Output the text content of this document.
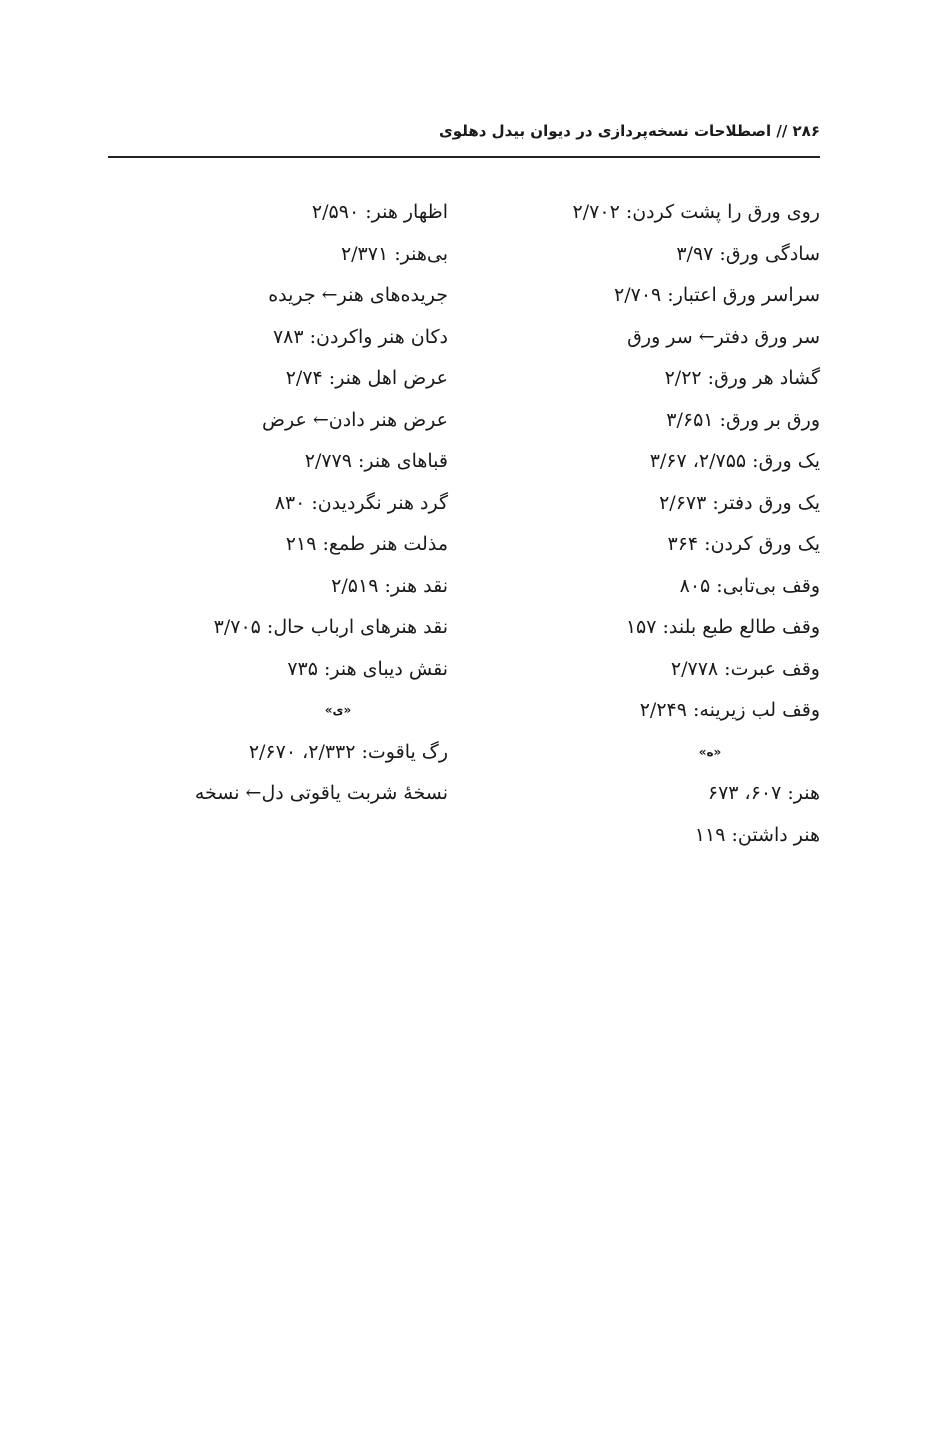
۲۸۶ // اصطلاحات نسخه‌پردازی در دیوان بیدل دهلوی
روی ورق را پشت کردن: ۲/۷۰۲
سادگی ورق: ۳/۹۷
سراسر ورق اعتبار: ۲/۷۰۹
سر ورق دفتر← سر ورق
گشاد هر ورق: ۲/۲۲
ورق بر ورق: ۳/۶۵۱
یک ورق: ۲/۷۵۵، ۳/۶۷
یک ورق دفتر: ۲/۶۷۳
یک ورق کردن: ۳۶۴
وقف بی‌تابی: ۸۰۵
وقف طالع طبع بلند: ۱۵۷
وقف عبرت: ۲/۷۷۸
وقف لب زیرینه: ۲/۲۴۹
«ه»
هنر: ۶۰۷، ۶۷۳
هنر داشتن: ۱۱۹
اظهار هنر: ۲/۵۹۰
بی‌هنر: ۲/۳۷۱
جریده‌های هنر← جریده
دکان هنر واکردن: ۷۸۳
عرض اهل هنر: ۲/۷۴
عرض هنر دادن← عرض
قباهای هنر: ۲/۷۷۹
گرد هنر نگردیدن: ۸۳۰
مذلت هنر طمع: ۲۱۹
نقد هنر: ۲/۵۱۹
نقد هنرهای ارباب حال: ۳/۷۰۵
نقش دیبای هنر: ۷۳۵
«ی»
رگ یاقوت: ۲/۳۳۲، ۲/۶۷۰
نسخهٔ شربت یاقوتی دل← نسخه
